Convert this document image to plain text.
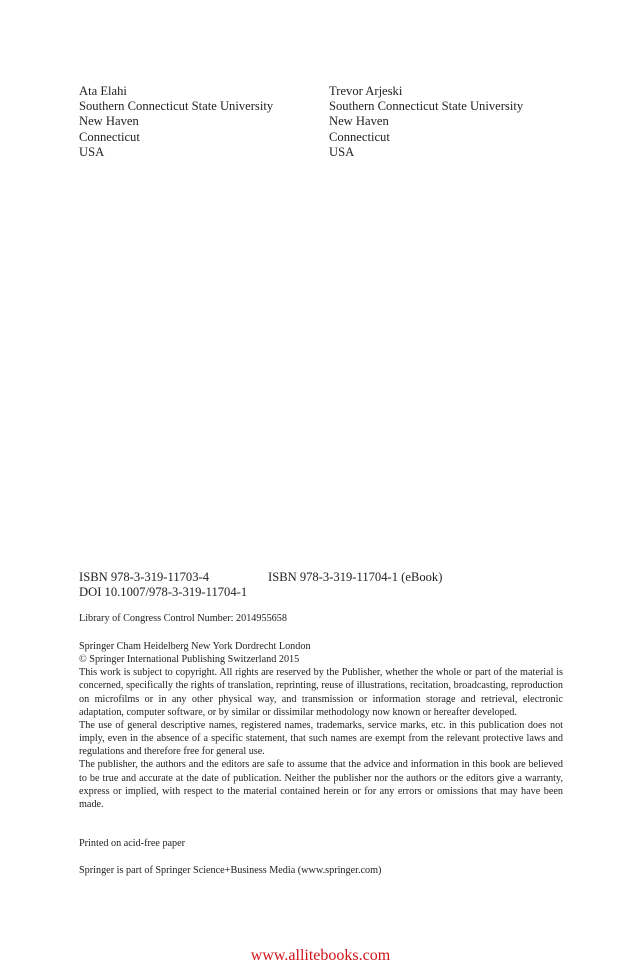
Ata Elahi
Southern Connecticut State University
New Haven
Connecticut
USA
Trevor Arjeski
Southern Connecticut State University
New Haven
Connecticut
USA
ISBN 978-3-319-11703-4	ISBN 978-3-319-11704-1 (eBook)
DOI 10.1007/978-3-319-11704-1
Library of Congress Control Number: 2014955658
Springer Cham Heidelberg New York Dordrecht London
© Springer International Publishing Switzerland 2015
This work is subject to copyright. All rights are reserved by the Publisher, whether the whole or part of the material is concerned, specifically the rights of translation, reprinting, reuse of illustrations, recitation, broadcasting, reproduction on microfilms or in any other physical way, and transmission or information storage and retrieval, electronic adaptation, computer software, or by similar or dissimilar methodology now known or hereafter developed.
The use of general descriptive names, registered names, trademarks, service marks, etc. in this publication does not imply, even in the absence of a specific statement, that such names are exempt from the relevant protective laws and regulations and therefore free for general use.
The publisher, the authors and the editors are safe to assume that the advice and information in this book are believed to be true and accurate at the date of publication. Neither the publisher nor the authors or the editors give a warranty, express or implied, with respect to the material contained herein or for any errors or omissions that may have been made.
Printed on acid-free paper
Springer is part of Springer Science+Business Media (www.springer.com)
www.allitebooks.com
